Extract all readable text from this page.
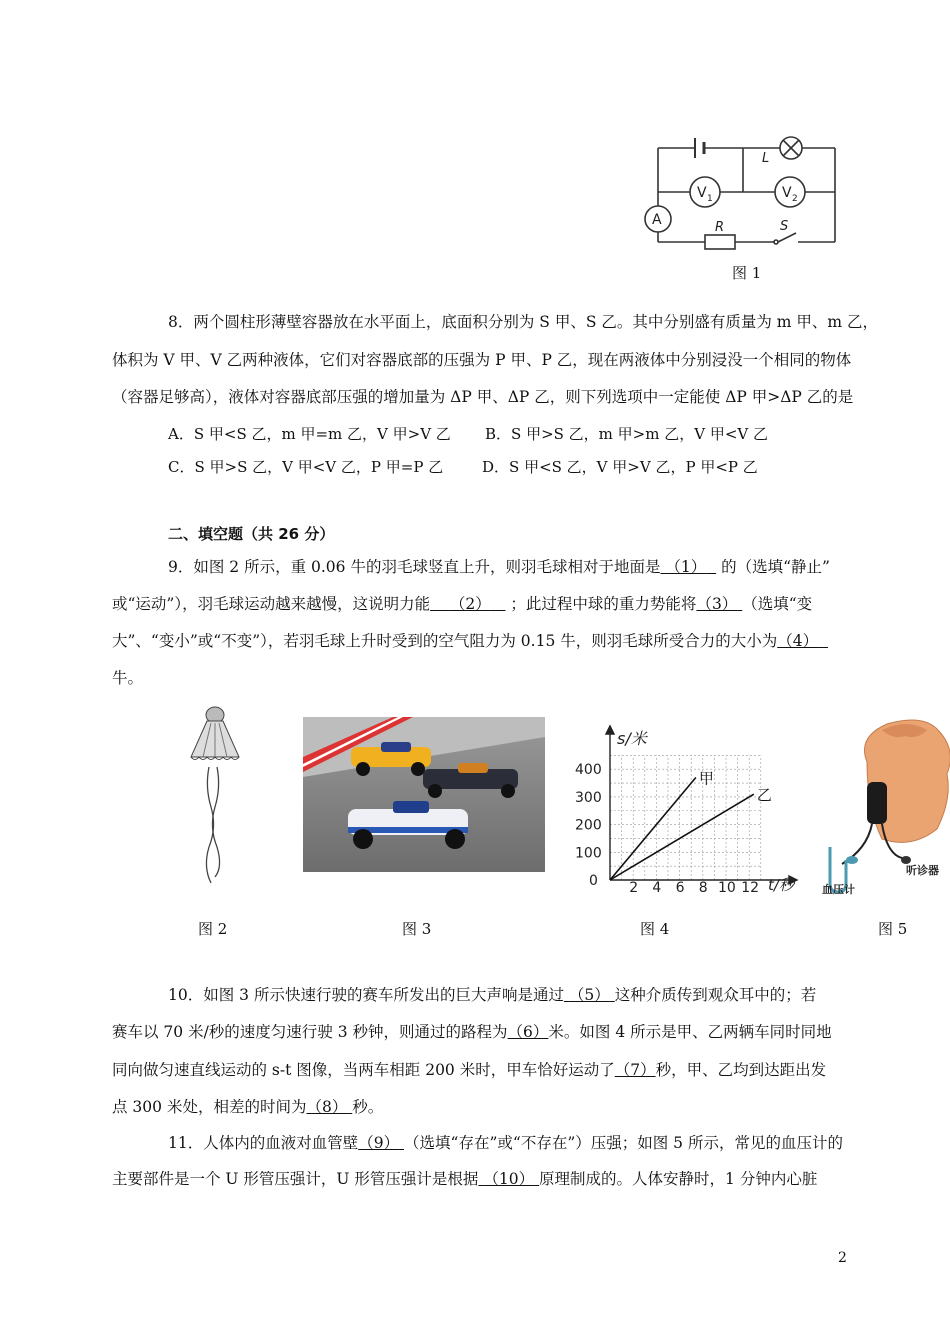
L
V 1	V 2
A	R	S
图 1
8．两个圆柱形薄壁容器放在水平面上，底面积分别为 S 甲、S 乙。其中分别盛有质量为 m 甲、m 乙，
体积为 V 甲、V 乙两种液体，它们对容器底部的压强为 P 甲、P 乙，现在两液体中分别浸没一个相同的物体
（容器足够高），液体对容器底部压强的增加量为 ΔP 甲、ΔP 乙，则下列选项中一定能使 ΔP 甲>ΔP 乙的是
A．S 甲<S 乙，m 甲=m 乙，V 甲>V 乙 B．S 甲>S 乙，m 甲>m 乙，V 甲<V 乙
C．S 甲>S 乙，V 甲<V 乙，P 甲=P 乙	D．S 甲<S 乙，V 甲>V 乙，P 甲<P 乙
二、填空题（共 26 分）
9．如图 2 所示，重 0.06 牛的羽毛球竖直上升，则羽毛球相对于地面是 （1） 的（选填“静止”
或“运动”），羽毛球运动越来越慢，这说明力能 （2） ；此过程中球的重力势能将（3） （选填“变
大”、“变小”或“不变”），若羽毛球上升时受到的空气阻力为 0.15 牛，则羽毛球所受合力的大小为（4）
牛。
图 2	图 3
2 4 6 8 10 12
100
200
300
400	甲
乙
s/米
t/秒
0
图 4
听诊器
血压计
图 5
10．如图 3 所示快速行驶的赛车所发出的巨大声响是通过 （5） 这种介质传到观众耳中的；若
赛车以 70 米/秒的速度匀速行驶 3 秒钟，则通过的路程为（6）米。如图 4 所示是甲、乙两辆车同时同地
同向做匀速直线运动的 s-t 图像，当两车相距 200 米时，甲车恰好运动了（7）秒，甲、乙均到达距出发
点 300 米处，相差的时间为（8） 秒。
11．人体内的血液对血管壁（9） （选填“存在”或“不存在”）压强；如图 5 所示，常见的血压计的
主要部件是一个 U 形管压强计，U 形管压强计是根据 （10） 原理制成的。人体安静时，1 分钟内心脏
2
